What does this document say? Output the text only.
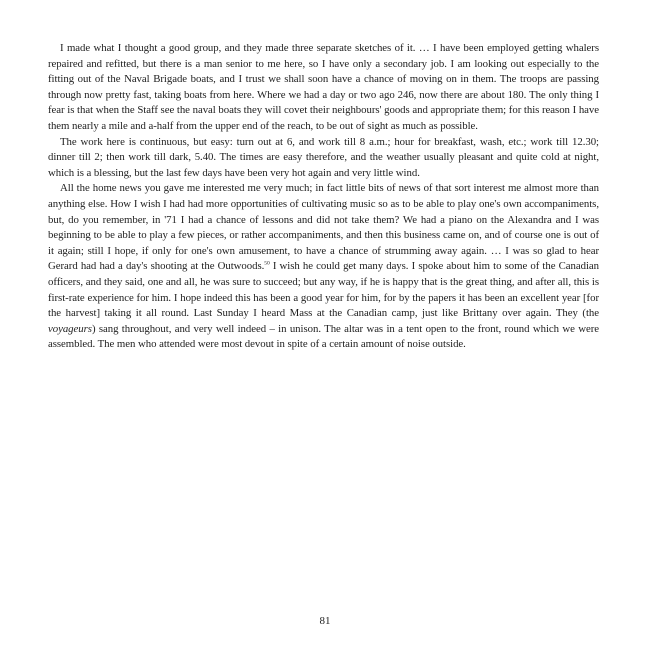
I made what I thought a good group, and they made three separate sketches of it. … I have been employed getting whalers repaired and refitted, but there is a man senior to me here, so I have only a secondary job. I am looking out especially to the fitting out of the Naval Brigade boats, and I trust we shall soon have a chance of moving on in them. The troops are passing through now pretty fast, taking boats from here. Where we had a day or two ago 246, now there are about 180. The only thing I fear is that when the Staff see the naval boats they will covet their neighbours' goods and appropriate them; for this reason I have them nearly a mile and a-half from the upper end of the reach, to be out of sight as much as possible.

The work here is continuous, but easy: turn out at 6, and work till 8 a.m.; hour for breakfast, wash, etc.; work till 12.30; dinner till 2; then work till dark, 5.40. The times are easy therefore, and the weather usually pleasant and quite cold at night, which is a blessing, but the last few days have been very hot again and very little wind.

All the home news you gave me interested me very much; in fact little bits of news of that sort interest me almost more than anything else. How I wish I had had more opportunities of cultivating music so as to be able to play one's own accompaniments, but, do you remember, in '71 I had a chance of lessons and did not take them? We had a piano on the Alexandra and I was beginning to be able to play a few pieces, or rather accompaniments, and then this business came on, and of course one is out of it again; still I hope, if only for one's own amusement, to have a chance of strumming away again. … I was so glad to hear Gerard had had a day's shooting at the Outwoods.$^{50}$ I wish he could get many days. I spoke about him to some of the Canadian officers, and they said, one and all, he was sure to succeed; but any way, if he is happy that is the great thing, and after all, this is first-rate experience for him. I hope indeed this has been a good year for him, for by the papers it has been an excellent year [for the harvest] taking it all round. Last Sunday I heard Mass at the Canadian camp, just like Brittany over again. They (the voyageurs) sang throughout, and very well indeed – in unison. The altar was in a tent open to the front, round which we were assembled. The men who attended were most devout in spite of a certain amount of noise outside.

81
